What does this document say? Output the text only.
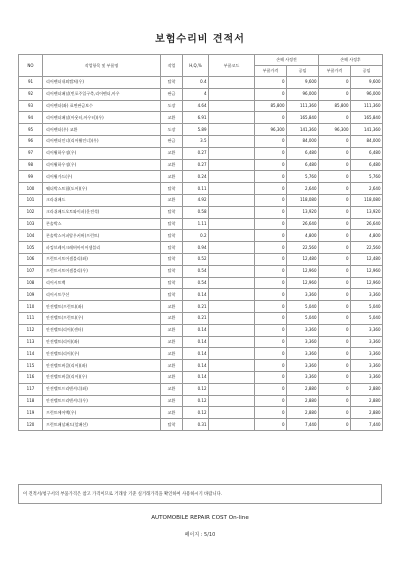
보험수리비 견적서
NO	작업항목 및 부품명	작업	H,Q,%	부품코드	손해 사정전		손해 사정후	
					부품가격	공임	부품가격	공임
91	리어펜더내외캡쳐(우)	탈착	0.4		0	9,600	0	9,600
92	리어펜더패널(빈포주입구측,리어펜더,아우	판금	4		0	96,000	0	96,000
93	리어펜더(좌) 표면판금보수	도장	4.64		85,800	111,360	85,800	111,360
94	리어펜더패널(아웃터,아우터)(우)	교환	6.91		0	165,840	0	165,840
95	리어펜더(우) 교환	도장	5.89		96,300	141,360	96,300	141,360
96	리어펜더인너(리어휠인너)(우)	판금	3.5		0	84,000	0	84,000
97	리어휠하우징(우)	교환	0.27		0	6,480	0	6,480
98	리어휠하우징(우)	교환	0.27		0	6,480	0	6,480
99	리어휠가드(우)	교환	0.24		0	5,760	0	5,760
100	웨더박스트립(도어)(우)	탈착	0.11		0	2,640	0	2,640
101	크라쉬패드	교환	4.92		0	118,080	0	118,080
102	크라쉬패드오토와이퍼(운전석)	탈착	0.58		0	13,920	0	13,920
103	콘솔박스	탈착	1.11		0	26,640	0	26,640
104	콘솔박스어퍼암우커버(프런트)	탈착	0.2		0	4,800	0	4,800
105	파킹브레이크레버아이어셈블리	탈착	0.94		0	22,560	0	22,560
106	프런트시트어셈블리(좌)	탈착	0.52		0	12,480	0	12,480
107	프런트시트어셈블리(우)	탈착	0.54		0	12,960	0	12,960
108	리어시트백	탈착	0.54		0	12,960	0	12,960
109	리어시트쿠션	탈착	0.14		0	3,360	0	3,360
110	안전벨트(프런트)(좌)	교환	0.21		0	5,040	0	5,040
111	안전벨트(프런트)(우)	교환	0.21		0	5,040	0	5,040
112	안전벨트(리어)(센터)	교환	0.14		0	3,360	0	3,360
113	안전벨트(리어)(좌)	교환	0.14		0	3,360	0	3,360
114	안전벨트(리어)(우)	교환	0.14		0	3,360	0	3,360
115	안전벨트버클(리어)(좌)	교환	0.14		0	3,360	0	3,360
116	안전벨트버클(리어)(우)	교환	0.14		0	3,360	0	3,360
117	안전벨트프리텐셔너(좌)	교환	0.12		0	2,880	0	2,880
118	안전벨트프리텐셔너(우)	교환	0.12		0	2,880	0	2,880
119	프런트에어백(우)	교환	0.12		0	2,880	0	2,880
120	프런트패널패드(앞패션)	탈착	0.31		0	7,440	0	7,440
이 견적서/청구서의 부품가격은 참고 가격이므로 거래상 기준 실거래가격을 확인하여 사용하시기 바랍니다.
AUTOMOBILE REPAIR COST On-line
페이지 : 5/10
